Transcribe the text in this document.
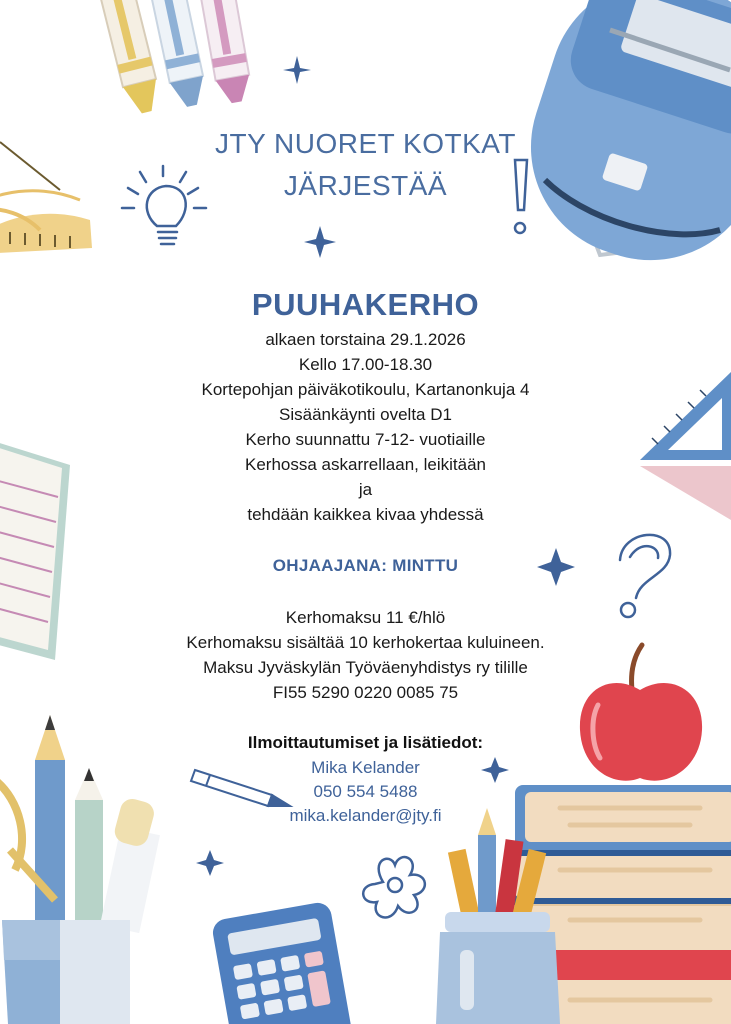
JTY NUORET KOTKAT
JÄRJESTÄÄ
PUUHAKERHO
alkaen torstaina 29.1.2026
Kello 17.00-18.30
Kortepohjan päiväkotikoulu, Kartanonkuja 4
Sisäänkäynti ovelta D1
Kerho suunnattu 7-12- vuotiaille
Kerhossa askarrellaan, leikitään
ja
tehdään kaikkea kivaa yhdessä
OHJAAJANA: MINTTU
Kerhomaksu 11 €/hlö
Kerhomaksu sisältää 10 kerhokertaa kuluineen.
Maksu Jyväskylän Työväenyhdistys ry tilille
FI55 5290 0220 0085 75
Ilmoittautumiset ja lisätiedot:
Mika Kelander
050 554 5488
mika.kelander@jty.fi
